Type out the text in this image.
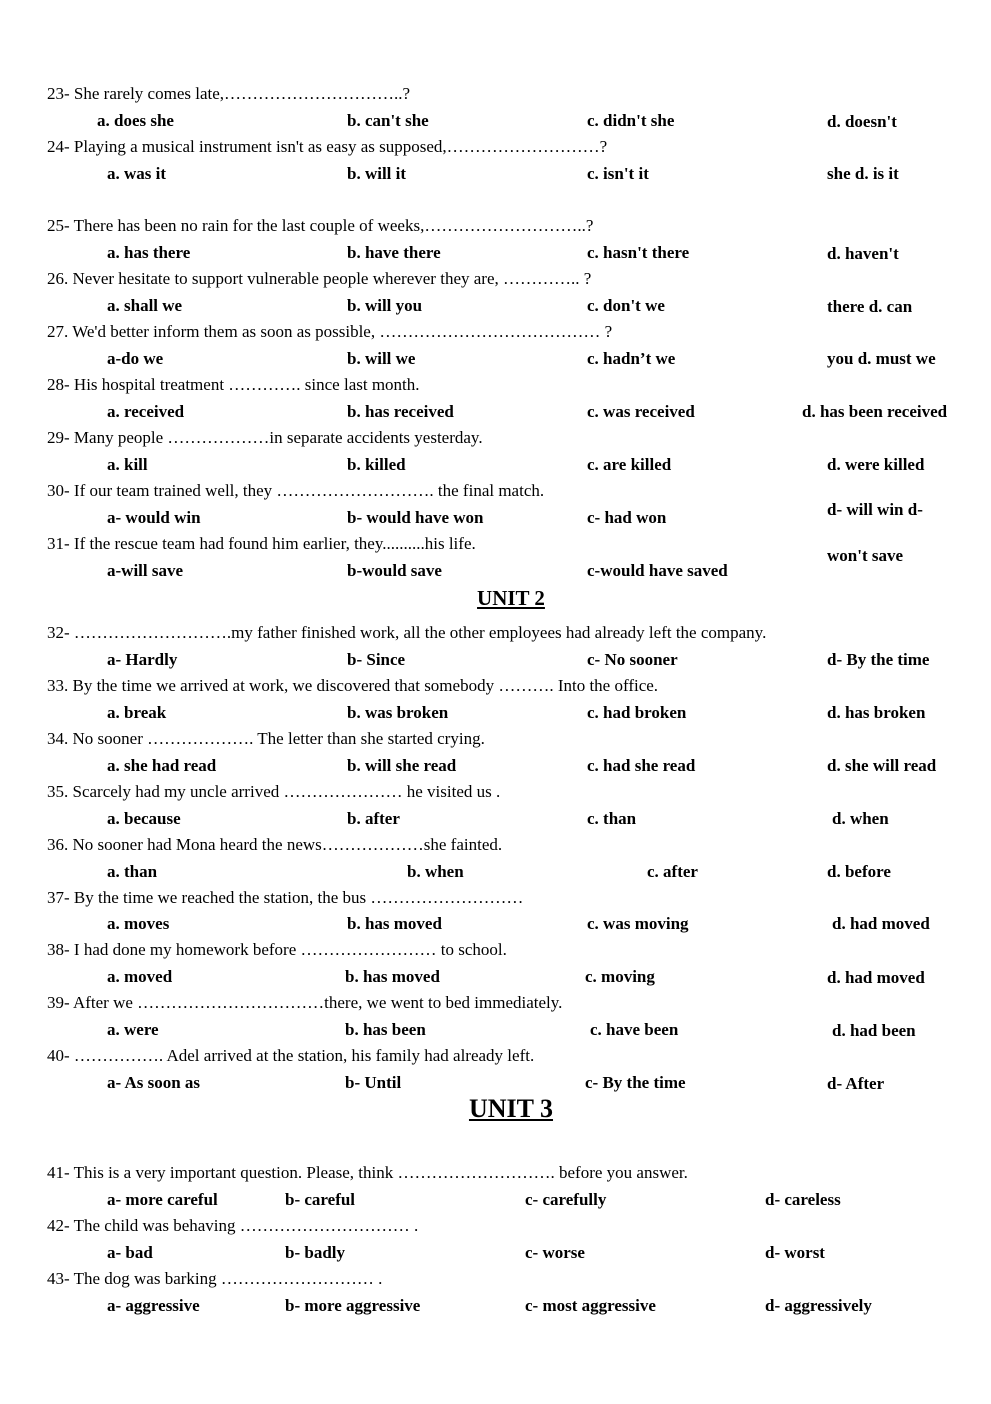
23- She rarely comes late,…………………………..?
a. does she	b. can't she	c. didn't she	d. doesn't
24- Playing a musical instrument isn't as easy as supposed,………………………?
a. was it	b. will it	c. isn't it	she d. is it
25- There has been no rain for the last couple of weeks,………………………..?
a. has there	b. have there	c. hasn't there	d. haven't
26. Never hesitate to support vulnerable people wherever they are, ………….. ?
a. shall we	b. will you	c. don't we	there d. can
27. We'd better inform them as soon as possible, ………………………………… ?
a-do we	b. will we	c. hadn’t we	you d. must we
28- His hospital treatment …………. since last month.
a. received	b. has received	c. was received	d. has been received
29- Many people ………………in separate accidents yesterday.
a. kill	b. killed	c. are killed	d. were killed
30- If our team trained well, they ………………………. the final match.
a- would win	b- would have won	c- had won	d- will win d-
31- If the rescue team had found him earlier, they..........his life.
a-will save	b-would save	c-would have saved
won't save
UNIT 2
32- ……………………….my father finished work, all the other employees had already left the company.
a- Hardly	b- Since	c- No sooner	d- By the time
33. By the time we arrived at work, we discovered that somebody ………. Into the office.
a. break	b. was broken	c. had broken	d. has broken
34. No sooner ………………. The letter than she started crying.
a. she had read	b. will she read	c. had she read	d. she will read
35. Scarcely had my uncle arrived ………………… he visited us .
a. because	b. after	c. than	d. when
36. No sooner had Mona heard the news………………she fainted.
a. than	b. when	c. after	d. before
37- By the time we reached the station, the bus ………………………
a. moves	b. has moved	c. was moving	d. had moved
38- I had done my homework before …………………… to school.
a. moved	b. has moved	c. moving	d. had moved
39- After we ……………………………there, we went to bed immediately.
a. were	b. has been	c. have been	d. had been
40- ……………. Adel arrived at the station, his family had already left.
a- As soon as	b- Until	c- By the time	d- After
UNIT 3
41- This is a very important question. Please, think ………………………. before you answer.
a- more careful	b- careful	c- carefully	d- careless
42- The child was behaving ………………………… .
a- bad	b- badly	c- worse	d- worst
43- The dog was barking ……………………… .
a- aggressive	b- more aggressive	c- most aggressive	d- aggressively
